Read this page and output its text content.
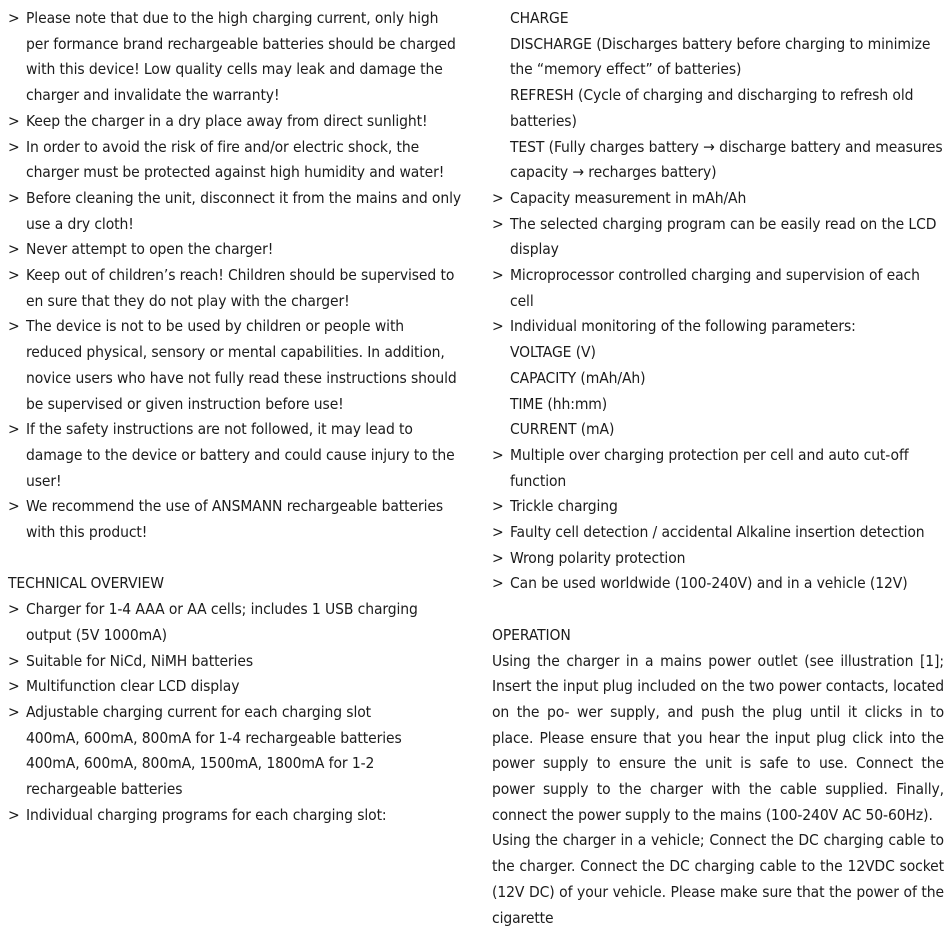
> Please note that due to the high charging current, only high per formance brand rechargeable batteries should be charged with this device! Low quality cells may leak and damage the charger and invalidate the warranty!
> Keep the charger in a dry place away from direct sunlight!
> In order to avoid the risk of fire and/or electric shock, the charger must be protected against high humidity and water!
> Before cleaning the unit, disconnect it from the mains and only use a dry cloth!
> Never attempt to open the charger!
> Keep out of children’s reach! Children should be supervised to en sure that they do not play with the charger!
> The device is not to be used by children or people with reduced physical, sensory or mental capabilities. In addition, novice users who have not fully read these instructions should be supervised or given instruction before use!
> If the safety instructions are not followed, it may lead to damage to the device or battery and could cause injury to the user!
> We recommend the use of ANSMANN rechargeable batteries with this product!
TECHNICAL OVERVIEW
> Charger for 1-4 AAA or AA cells; includes 1 USB charging output (5V 1000mA)
> Suitable for NiCd, NiMH batteries
> Multifunction clear LCD display
> Adjustable charging current for each charging slot
400mA, 600mA, 800mA for 1-4 rechargeable batteries
400mA, 600mA, 800mA, 1500mA, 1800mA for 1-2 rechargeable batteries
> Individual charging programs for each charging slot:
CHARGE
DISCHARGE (Discharges battery before charging to minimize the “memory effect” of batteries)
REFRESH (Cycle of charging and discharging to refresh old batteries)
TEST (Fully charges battery → discharge battery and measures capacity → recharges battery)
> Capacity measurement in mAh/Ah
> The selected charging program can be easily read on the LCD display
> Microprocessor controlled charging and supervision of each cell
> Individual monitoring of the following parameters:
VOLTAGE (V)
CAPACITY (mAh/Ah)
TIME (hh:mm)
CURRENT (mA)
> Multiple over charging protection per cell and auto cut-off function
> Trickle charging
> Faulty cell detection / accidental Alkaline insertion detection
> Wrong polarity protection
> Can be used worldwide (100-240V) and in a vehicle (12V)
OPERATION

Using the charger in a mains power outlet (see illustration [1]; Insert the input plug included on the two power contacts, located on the po- wer supply, and push the plug until it clicks in to place. Please ensure that you hear the input plug click into the power supply to ensure the unit is safe to use. Connect the power supply to the charger with the cable supplied. Finally, connect the power supply to the mains (100-240V AC 50-60Hz).

Using the charger in a vehicle; Connect the DC charging cable to the charger. Connect the DC charging cable to the 12VDC socket (12V DC) of your vehicle. Please make sure that the power of the cigarette
